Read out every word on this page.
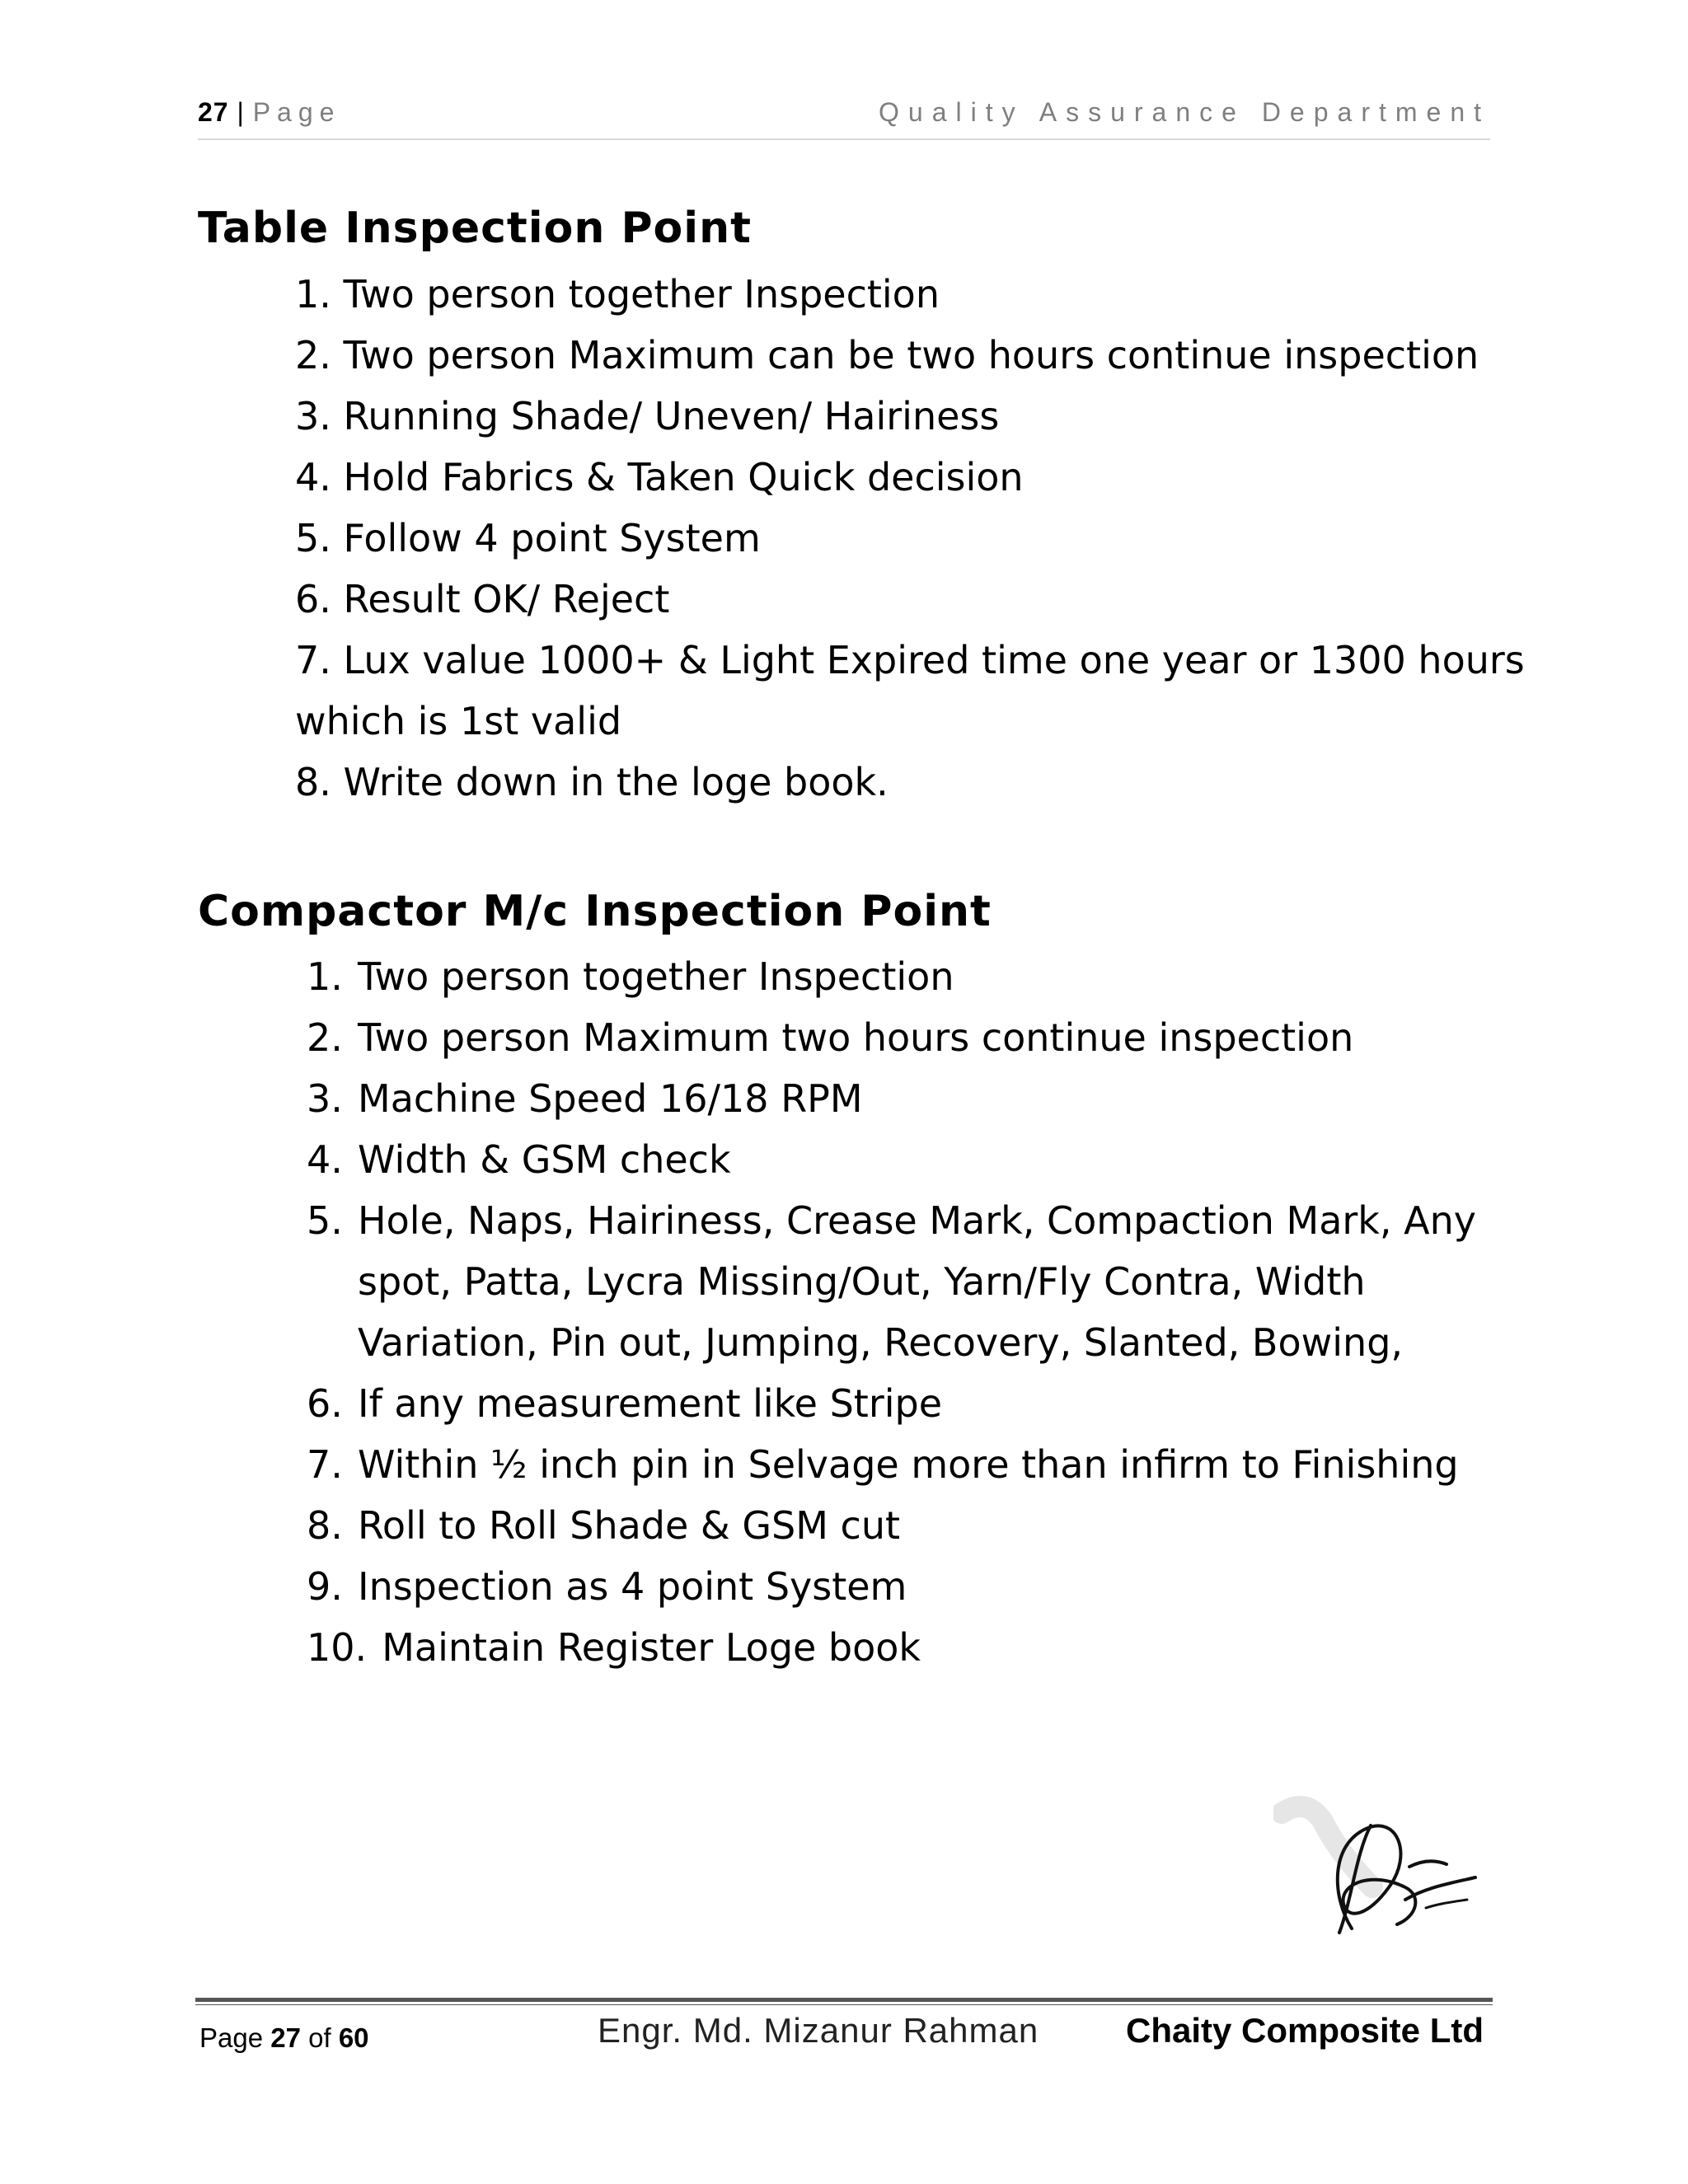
27 | Page	Quality Assurance Department
Table Inspection Point
1. Two person together Inspection
2. Two person Maximum can be two hours continue inspection
3. Running Shade/ Uneven/ Hairiness
4. Hold Fabrics & Taken Quick decision
5. Follow 4 point System
6. Result OK/ Reject
7. Lux value 1000+ & Light Expired time one year or 1300 hours
which is 1st valid
8. Write down in the loge book.
Compactor M/c Inspection Point
1. Two person together Inspection
2. Two person Maximum two hours continue inspection
3. Machine Speed 16/18 RPM
4. Width & GSM check
5. Hole, Naps, Hairiness, Crease Mark, Compaction Mark, Any
spot, Patta, Lycra Missing/Out, Yarn/Fly Contra, Width
Variation, Pin out, Jumping, Recovery, Slanted, Bowing,
6. If any measurement like Stripe
7. Within ½ inch pin in Selvage more than infirm to Finishing
8. Roll to Roll Shade & GSM cut
9. Inspection as 4 point System
10.  Maintain Register Loge book
Page 27 of 60	Engr. Md. Mizanur Rahman	Chaity Composite Ltd
